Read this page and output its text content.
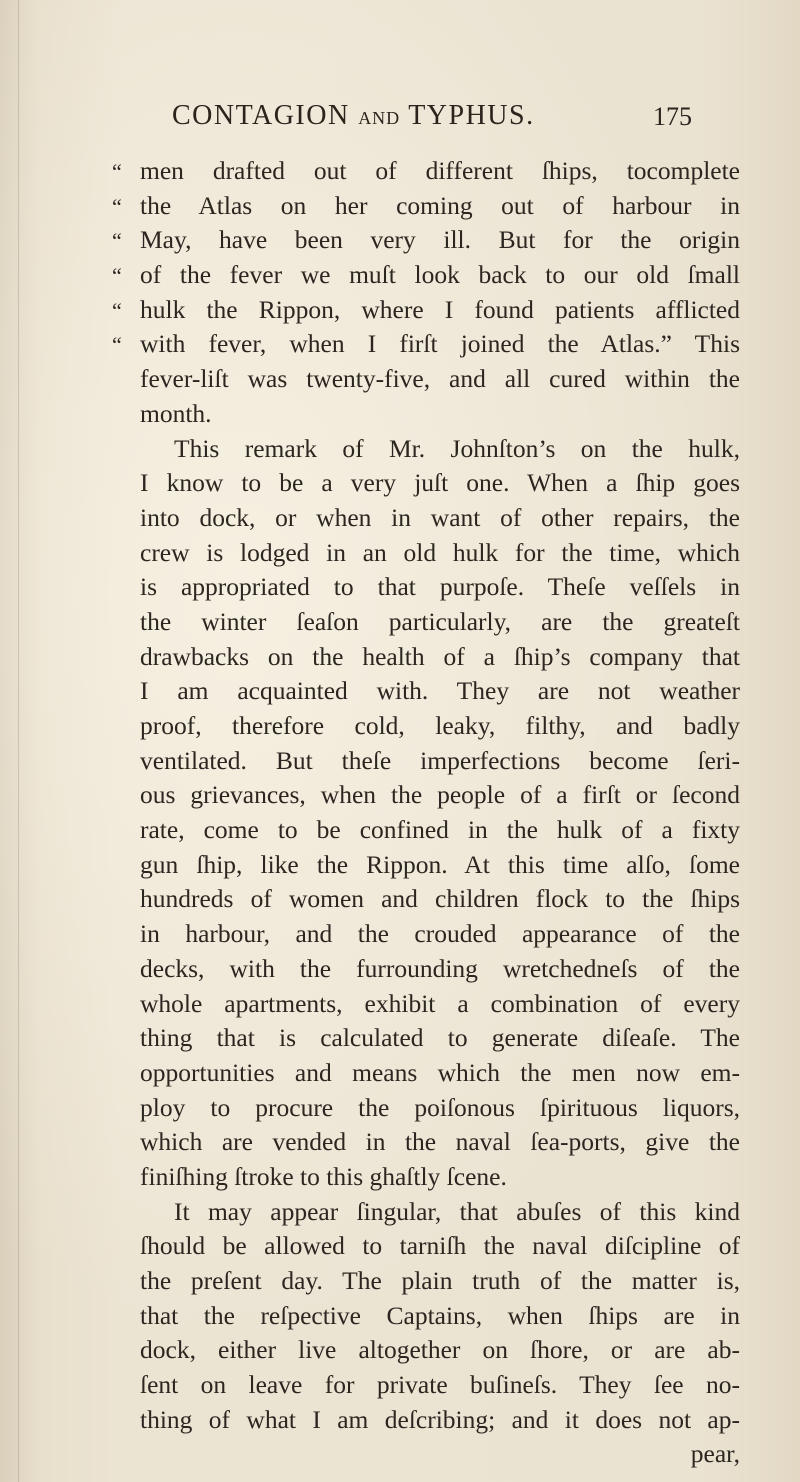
CONTAGION AND TYPHUS.	175
“ men drafted out of different ſhips, tocomplete
“ the Atlas on her coming out of harbour in
“ May, have been very ill. But for the origin
“ of the fever we muſt look back to our old ſmall
“ hulk the Rippon, where I found patients afflicted
“ with fever, when I firſt joined the Atlas.” This
fever-liſt was twenty-five, and all cured within the
month.
This remark of Mr. Johnſton’s on the hulk,
I know to be a very juſt one. When a ſhip goes
into dock, or when in want of other repairs, the
crew is lodged in an old hulk for the time, which
is appropriated to that purpoſe. Theſe veſſels in
the winter ſeaſon particularly, are the greateſt
drawbacks on the health of a ſhip’s company that
I am acquainted with. They are not weather
proof, therefore cold, leaky, filthy, and badly
ventilated. But theſe imperfections become ſeri-
ous grievances, when the people of a firſt or ſecond
rate, come to be confined in the hulk of a fixty
gun ſhip, like the Rippon. At this time alſo, ſome
hundreds of women and children flock to the ſhips
in harbour, and the crouded appearance of the
decks, with the furrounding wretchedneſs of the
whole apartments, exhibit a combination of every
thing that is calculated to generate diſeaſe. The
opportunities and means which the men now em-
ploy to procure the poiſonous ſpirituous liquors,
which are vended in the naval ſea-ports, give the
finiſhing ſtroke to this ghaſtly ſcene.
It may appear ſingular, that abuſes of this kind
ſhould be allowed to tarniſh the naval diſcipline of
the preſent day. The plain truth of the matter is,
that the reſpective Captains, when ſhips are in
dock, either live altogether on ſhore, or are ab-
ſent on leave for private buſineſs. They ſee no-
thing of what I am deſcribing; and it does not ap-
pear,
